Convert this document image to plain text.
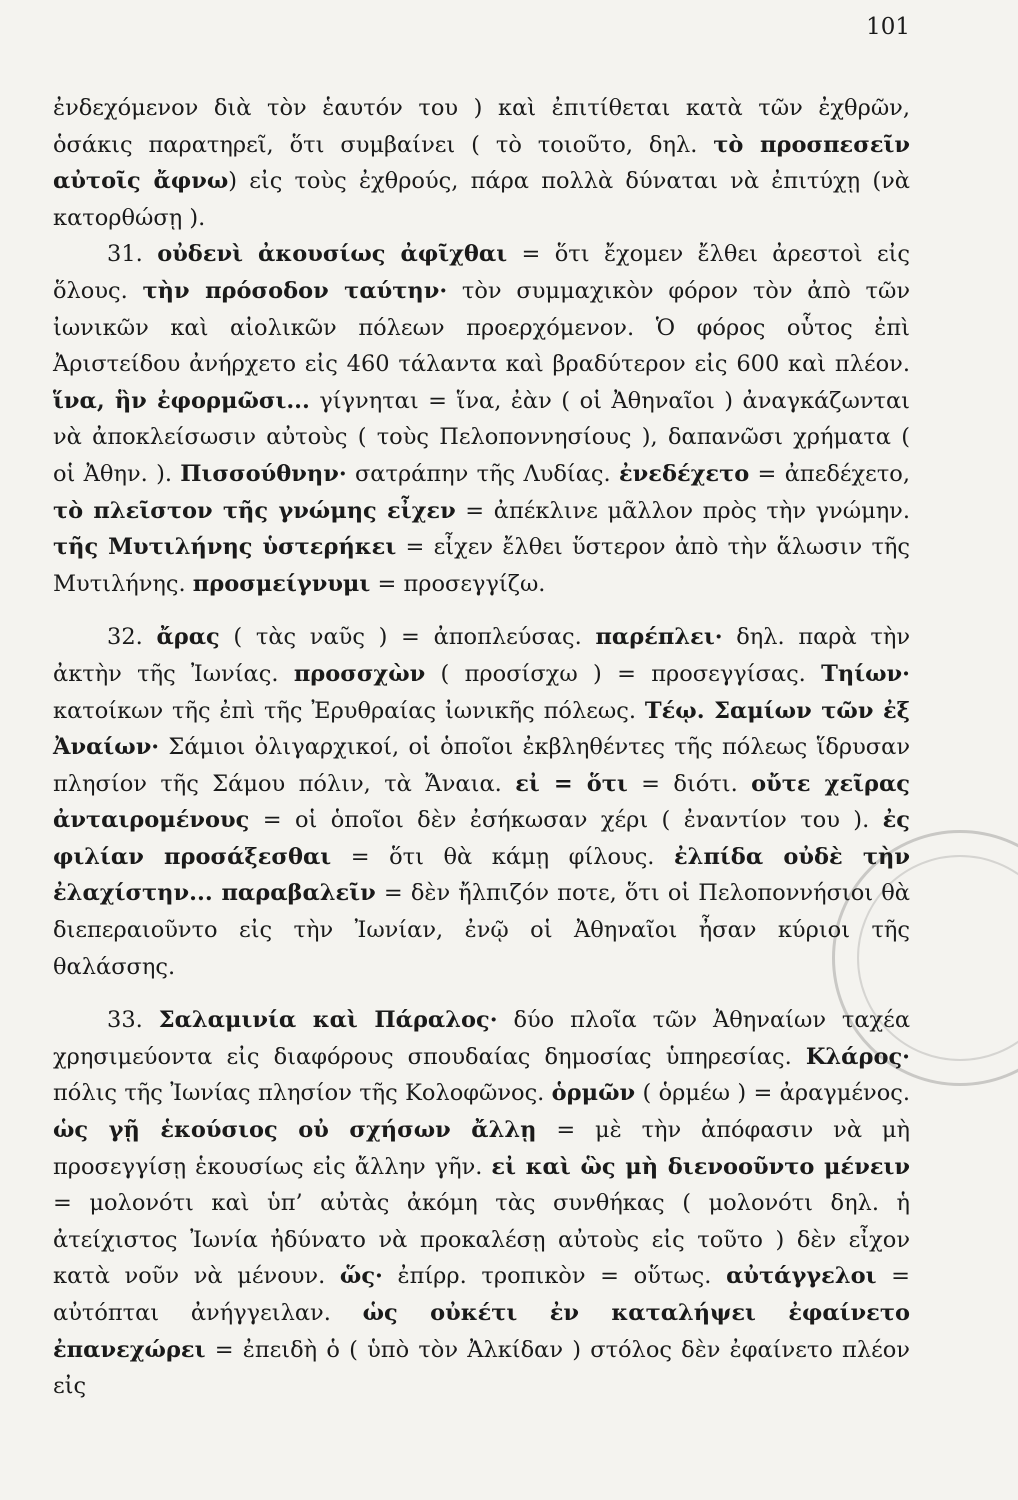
101

ἐνδεχόμενον διὰ τὸν ἑαυτόν του ) καὶ ἐπιτίθεται κατὰ τῶν ἐχθρῶν, ὁσάκις παρατηρεῖ, ὅτι συμβαίνει ( τὸ τοιοῦτο, δηλ. τὸ προσπεσεῖν αὐτοῖς ἄφνω) εἰς τοὺς ἐχθρούς, πάρα πολλὰ δύναται νὰ ἐπιτύχῃ (νὰ κατορθώσῃ ).

31. οὐδενὶ ἀκουσίως ἀφῖχθαι = ὅτι ἔχομεν ἔλθει ἀρεστοὶ εἰς ὅλους. τὴν πρόσοδον ταύτην· τὸν συμμαχικὸν φόρον τὸν ἀπὸ τῶν ἰωνικῶν καὶ αἰολικῶν πόλεων προερχόμενον. Ὁ φόρος οὗτος ἐπὶ Ἀριστείδου ἀνήρχετο εἰς 460 τάλαντα καὶ βραδύτερον εἰς 600 καὶ πλέον. ἵνα, ἣν ἐφορμῶσι... γίγνηται = ἵνα, ἐὰν ( οἱ Ἀθηναῖοι ) ἀναγκάζωνται νὰ ἀποκλείσωσιν αὐτοὺς ( τοὺς Πελοποννησίους ), δαπανῶσι χρήματα ( οἱ Ἀθην. ). Πισσούθνην· σατράπην τῆς Λυδίας. ἐνεδέχετο = ἀπεδέχετο, τὸ πλεῖστον τῆς γνώμης εἶχεν = ἀπέκλινε μᾶλλον πρὸς τὴν γνώμην. τῆς Μυτιλήνης ὑστερήκει = εἶχεν ἔλθει ὕστερον ἀπὸ τὴν ἅλωσιν τῆς Μυτιλήνης. προσμείγνυμι = προσεγγίζω.

32. ἄρας ( τὰς ναῦς ) = ἀποπλεύσας. παρέπλει· δηλ. παρὰ τὴν ἀκτὴν τῆς Ἰωνίας. προσσχὼν ( προσίσχω ) = προσεγγίσας. Τηίων· κατοίκων τῆς ἐπὶ τῆς Ἐρυθραίας ἰωνικῆς πόλεως. Τέῳ. Σαμίων τῶν ἐξ Ἀναίων· Σάμιοι ὀλιγαρχικοί, οἱ ὁποῖοι ἐκβληθέντες τῆς πόλεως ἵδρυσαν πλησίον τῆς Σάμου πόλιν, τὰ Ἄναια. εἰ = ὅτι = διότι. οὔτε χεῖρας ἀνταιρομένους = οἱ ὁποῖοι δὲν ἐσήκωσαν χέρι ( ἐναντίον του ). ἐς φιλίαν προσάξεσθαι = ὅτι θὰ κάμῃ φίλους. ἐλπίδα οὐδὲ τὴν ἐλαχίστην... παραβαλεῖν = δὲν ἤλπιζόν ποτε, ὅτι οἱ Πελοποννήσιοι θὰ διεπεραιοῦντο εἰς τὴν Ἰωνίαν, ἐνῷ οἱ Ἀθηναῖοι ἦσαν κύριοι τῆς θαλάσσης.

33. Σαλαμινία καὶ Πάραλος· δύο πλοῖα τῶν Ἀθηναίων ταχέα χρησιμεύοντα εἰς διαφόρους σπουδαίας δημοσίας ὑπηρεσίας. Κλάρος· πόλις τῆς Ἰωνίας πλησίον τῆς Κολοφῶνος. ὁρμῶν ( ὁρμέω ) = ἀραγμένος. ὡς γῇ ἑκούσιος οὐ σχήσων ἄλλῃ = μὲ τὴν ἀπόφασιν νὰ μὴ προσεγγίσῃ ἑκουσίως εἰς ἄλλην γῆν. εἰ καὶ ὣς μὴ διενοοῦντο μένειν = μολονότι καὶ ὑπ’ αὐτὰς ἀκόμη τὰς συνθήκας ( μολονότι δηλ. ἡ ἀτείχιστος Ἰωνία ἠδύνατο νὰ προκαλέσῃ αὐτοὺς εἰς τοῦτο ) δὲν εἶχον κατὰ νοῦν νὰ μένουν. ὥς· ἐπίρρ. τροπικὸν = οὕτως. αὐτάγγελοι = αὐτόπται ἀνήγγειλαν. ὡς οὐκέτι ἐν καταλήψει ἐφαίνετο ἐπανεχώρει = ἐπειδὴ ὁ ( ὑπὸ τὸν Ἀλκίδαν ) στόλος δὲν ἐφαίνετο πλέον εἰς
